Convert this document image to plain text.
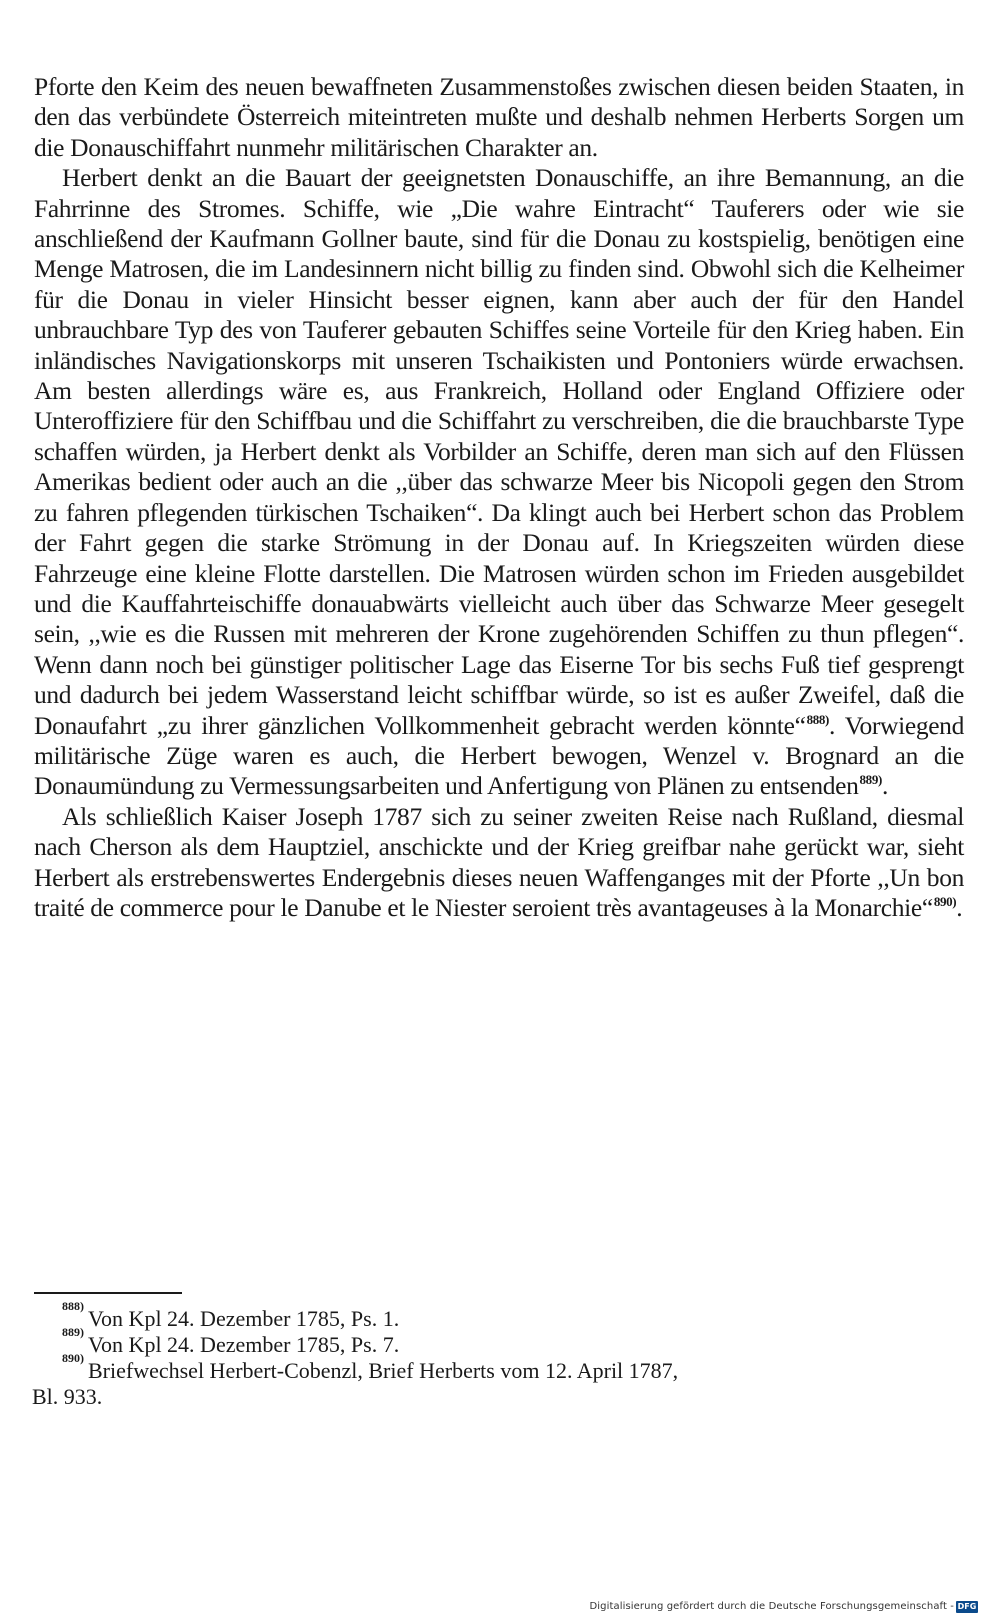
Pforte den Keim des neuen bewaffneten Zusammenstoßes zwischen diesen beiden Staaten, in den das verbündete Österreich miteintreten mußte und deshalb nehmen Herberts Sorgen um die Donauschiffahrt nunmehr militärischen Charakter an.

Herbert denkt an die Bauart der geeignetsten Donauschiffe, an ihre Bemannung, an die Fahrrinne des Stromes. Schiffe, wie „Die wahre Eintracht“ Tauferers oder wie sie anschließend der Kaufmann Gollner baute, sind für die Donau zu kostspielig, benötigen eine Menge Matrosen, die im Landesinnern nicht billig zu finden sind. Obwohl sich die Kelheimer für die Donau in vieler Hinsicht besser eignen, kann aber auch der für den Handel unbrauchbare Typ des von Tauferer gebauten Schiffes seine Vorteile für den Krieg haben. Ein inländisches Navigationskorps mit unseren Tschaikisten und Pontoniers würde erwachsen. Am besten allerdings wäre es, aus Frankreich, Holland oder England Offiziere oder Unteroffiziere für den Schiffbau und die Schiffahrt zu verschreiben, die die brauchbarste Type schaffen würden, ja Herbert denkt als Vorbilder an Schiffe, deren man sich auf den Flüssen Amerikas bedient oder auch an die ,,über das schwarze Meer bis Nicopoli gegen den Strom zu fahren pflegenden türkischen Tschaiken“. Da klingt auch bei Herbert schon das Problem der Fahrt gegen die starke Strömung in der Donau auf. In Kriegszeiten würden diese Fahrzeuge eine kleine Flotte darstellen. Die Matrosen würden schon im Frieden ausgebildet und die Kauffahrteischiffe donauabwärts vielleicht auch über das Schwarze Meer gesegelt sein, ,,wie es die Russen mit mehreren der Krone zugehörenden Schiffen zu thun pflegen“. Wenn dann noch bei günstiger politischer Lage das Eiserne Tor bis sechs Fuß tief gesprengt und dadurch bei jedem Wasserstand leicht schiffbar würde, so ist es außer Zweifel, daß die Donaufahrt „zu ihrer gänzlichen Vollkommenheit gebracht werden könnte“$^{888)}$. Vorwiegend militärische Züge waren es auch, die Herbert bewogen, Wenzel v. Brognard an die Donaumündung zu Vermessungsarbeiten und Anfertigung von Plänen zu entsenden$^{889)}$.

Als schließlich Kaiser Joseph 1787 sich zu seiner zweiten Reise nach Rußland, diesmal nach Cherson als dem Hauptziel, anschickte und der Krieg greifbar nahe gerückt war, sieht Herbert als erstrebenswertes Endergebnis dieses neuen Waffenganges mit der Pforte ,,Un bon traité de commerce pour le Danube et le Niester seroient très avantageuses à la Monarchie“$^{890)}$.

$^{888)}$Von Kpl 24. Dezember 1785, Ps. 1.
$^{889)}$Von Kpl 24. Dezember 1785, Ps. 7.
$^{890)}$Briefwechsel Herbert-Cobenzl, Brief Herberts vom 12. April 1787,
Bl. 933.
Digitalisierung gefördert durch die Deutsche Forschungsgemeinschaft - DFG
